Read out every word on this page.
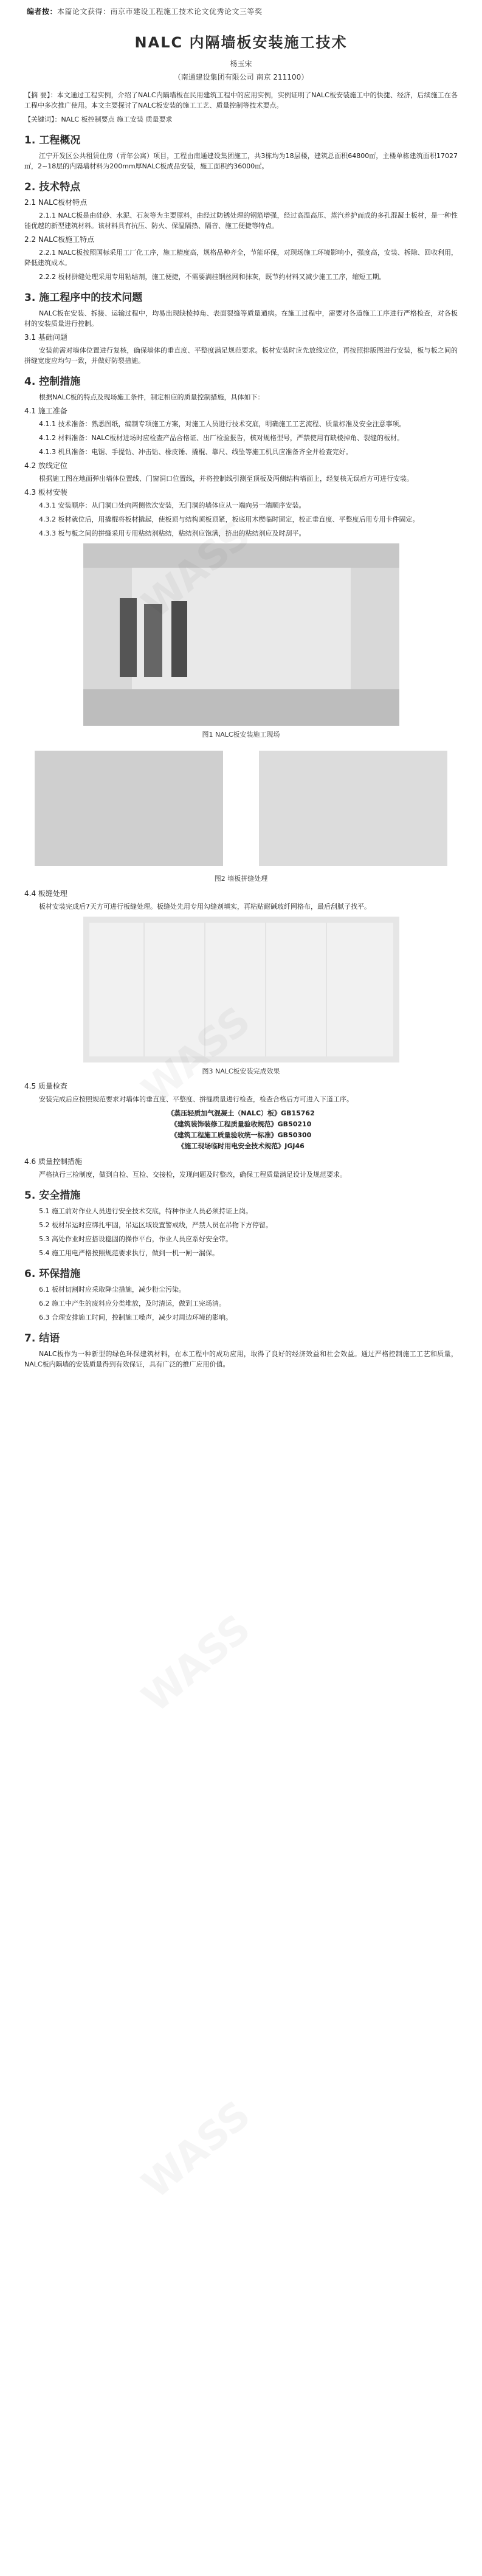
编者按：本篇论文获得：南京市建设工程施工技术论文优秀论文三等奖
NALC 内隔墙板安装施工技术
杨玉宋
（南通建设集团有限公司 南京 211100）

【摘 要】：本文通过工程实例，介绍了NALC内隔墙板在民用建筑工程中的应用实例，实例证明了NALC板安装施工中的快捷、经济，后续施工在各工程中多次推广使用。本文主要探讨了NALC板安装的施工工艺、质量控制等技术要点。

【关键词】：NALC 板控制要点 施工安装 质量要求

1. 工程概况

江宁开发区公共租赁住房（青年公寓）项目，工程由南通建设集团施工，共3栋均为18层楼，建筑总面积64800㎡，主楼单栋建筑面积17027㎡，2~18层的内隔墙材料为200mm厚NALC板成品安装，施工面积约36000㎡。

2. 技术特点
2.1 NALC板材特点

2.1.1 NALC板是由硅砂、水泥、石灰等为主要原料，由经过防锈处理的钢筋增强，经过高温高压、蒸汽养护而成的多孔混凝土板材，是一种性能优越的新型建筑材料。该材料具有抗压、防火、保温隔热、隔音、施工便捷等特点。

2.2 NALC板施工特点

2.2.1 NALC板按照国标采用工厂化工序，施工精度高，规格品种齐全，节能环保，对现场施工环境影响小，强度高，安装、拆除、回收利用，降低建筑成本。

2.2.2 板材拼缝处理采用专用粘结剂，施工便捷，不需要满挂钢丝网和抹灰，既节约材料又减少施工工序，缩短工期。

3. 施工程序中的技术问题

NALC板在安装、拆接、运输过程中，均易出现缺棱掉角、表面裂缝等质量通病。在施工过程中，需要对各道施工工序进行严格检查，对各板材的安装质量进行控制。

3.1 基础问题

安装前需对墙体位置进行复核，确保墙体的垂直度、平整度满足规范要求。板材安装时应先放线定位，再按照排版图进行安装，板与板之间的拼缝宽度应均匀一致，并做好防裂措施。

4. 控制措施

根据NALC板的特点及现场施工条件，制定相应的质量控制措施，具体如下：

4.1 施工准备

4.1.1 技术准备：熟悉图纸，编制专项施工方案，对施工人员进行技术交底，明确施工工艺流程、质量标准及安全注意事项。

4.1.2 材料准备：NALC板材进场时应检查产品合格证、出厂检验报告，核对规格型号，严禁使用有缺棱掉角、裂缝的板材。

4.1.3 机具准备：电锯、手提钻、冲击钻、橡皮锤、撬棍、靠尺、线坠等施工机具应准备齐全并检查完好。

4.2 放线定位

根据施工图在地面弹出墙体位置线、门窗洞口位置线，并将控制线引测至顶板及两侧结构墙面上，经复核无误后方可进行安装。

4.3 板材安装

4.3.1 安装顺序：从门洞口处向两侧依次安装，无门洞的墙体应从一端向另一端顺序安装。

4.3.2 板材就位后，用撬棍将板材撬起，使板顶与结构顶板顶紧，板底用木楔临时固定，校正垂直度、平整度后用专用卡件固定。

4.3.3 板与板之间的拼缝采用专用粘结剂粘结，粘结剂应饱满，挤出的粘结剂应及时刮平。

图1 NALC板安装施工现场
图2 墙板拼缝处理
4.4 板缝处理

板材安装完成后7天方可进行板缝处理。板缝处先用专用勾缝剂填实，再粘贴耐碱玻纤网格布，最后刮腻子找平。

图3 NALC板安装完成效果
4.5 质量检查

安装完成后应按照规范要求对墙体的垂直度、平整度、拼缝质量进行检查，检查合格后方可进入下道工序。

《蒸压轻质加气混凝土（NALC）板》GB15762
《建筑装饰装修工程质量验收规范》GB50210
《建筑工程施工质量验收统一标准》GB50300
《施工现场临时用电安全技术规范》JGJ46
4.6 质量控制措施

严格执行三检制度，做到自检、互检、交接检，发现问题及时整改，确保工程质量满足设计及规范要求。

5. 安全措施

5.1 施工前对作业人员进行安全技术交底，特种作业人员必须持证上岗。

5.2 板材吊运时应绑扎牢固，吊运区域设置警戒线，严禁人员在吊物下方停留。

5.3 高处作业时应搭设稳固的操作平台，作业人员应系好安全带。

5.4 施工用电严格按照规范要求执行，做到一机一闸一漏保。

6. 环保措施

6.1 板材切割时应采取降尘措施，减少粉尘污染。

6.2 施工中产生的废料应分类堆放，及时清运，做到工完场清。

6.3 合理安排施工时间，控制施工噪声，减少对周边环境的影响。

7. 结语

NALC板作为一种新型的绿色环保建筑材料，在本工程中的成功应用，取得了良好的经济效益和社会效益。通过严格控制施工工艺和质量，NALC板内隔墙的安装质量得到有效保证，具有广泛的推广应用价值。
